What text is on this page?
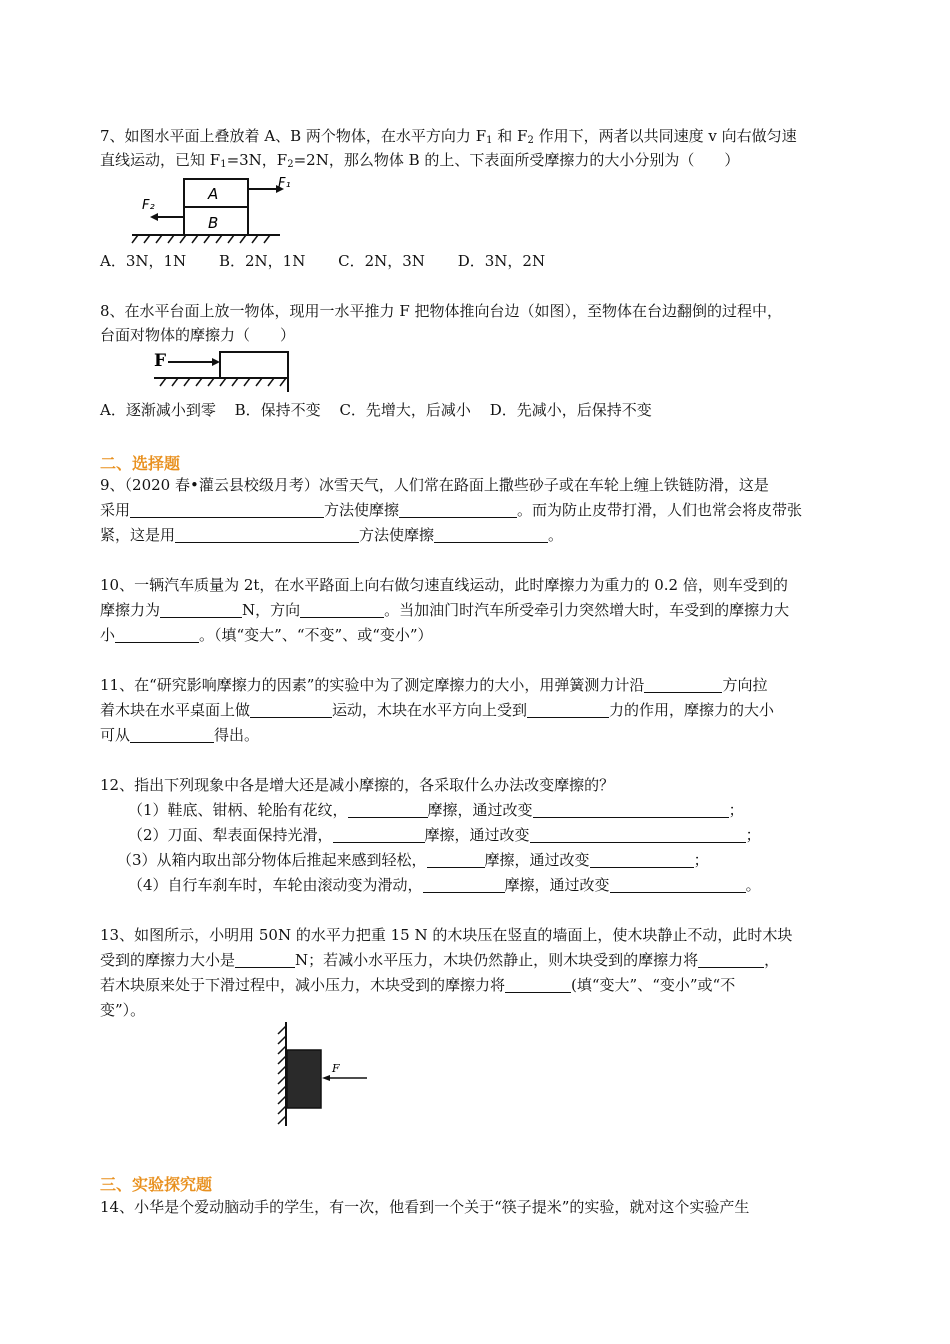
7、如图水平面上叠放着 A、B 两个物体，在水平方向力 $F_1$ 和 $F_2$ 作用下，两者以共同速度 v 向右做匀速
直线运动，已知 $F_1=3N$，$F_2=2N$，那么物体 B 的上、下表面所受摩擦力的大小分别为（　　）
A
B
F₁
F₂
A．3N，1N B．2N，1N C．2N，3N D．3N，2N
8、在水平台面上放一物体，现用一水平推力 F 把物体推向台边（如图），至物体在台边翻倒的过程中，
台面对物体的摩擦力（　　）
F
A．逐渐减小到零 B．保持不变 C．先增大，后减小 D．先减小，后保持不变
二、选择题
9、（2020 春•灌云县校级月考）冰雪天气，人们常在路面上撒些砂子或在车轮上缠上铁链防滑，这是
采用	方法使摩擦	。而为防止皮带打滑，人们也常会将皮带张
紧，这是用	方法使摩擦	。
10、一辆汽车质量为 2t，在水平路面上向右做匀速直线运动，此时摩擦力为重力的 0.2 倍，则车受到的
摩擦力为	N，方向	。当加油门时汽车所受牵引力突然增大时，车受到的摩擦力大
小	。（填“变大”、“不变”、或“变小”）
11、在“研究影响摩擦力的因素”的实验中为了测定摩擦力的大小，用弹簧测力计沿	方向拉
着木块在水平桌面上做	运动，木块在水平方向上受到	力的作用，摩擦力的大小
可从	得出。
12、指出下列现象中各是增大还是减小摩擦的，各采取什么办法改变摩擦的？
（1）鞋底、钳柄、轮胎有花纹，	摩擦，通过改变	；
（2）刀面、犁表面保持光滑，	摩擦，通过改变	；
（3）从箱内取出部分物体后推起来感到轻松，	摩擦，通过改变	；
（4）自行车刹车时，车轮由滚动变为滑动，	摩擦，通过改变	。
13、如图所示，小明用 50N 的水平力把重 15 N 的木块压在竖直的墙面上，使木块静止不动，此时木块
受到的摩擦力大小是	N；若减小水平压力，木块仍然静止，则木块受到的摩擦力将	，
若木块原来处于下滑过程中，减小压力，木块受到的摩擦力将	(填“变大”、“变小”或“不
变”）。
F
三、实验探究题
14、小华是个爱动脑动手的学生，有一次，他看到一个关于“筷子提米”的实验，就对这个实验产生
